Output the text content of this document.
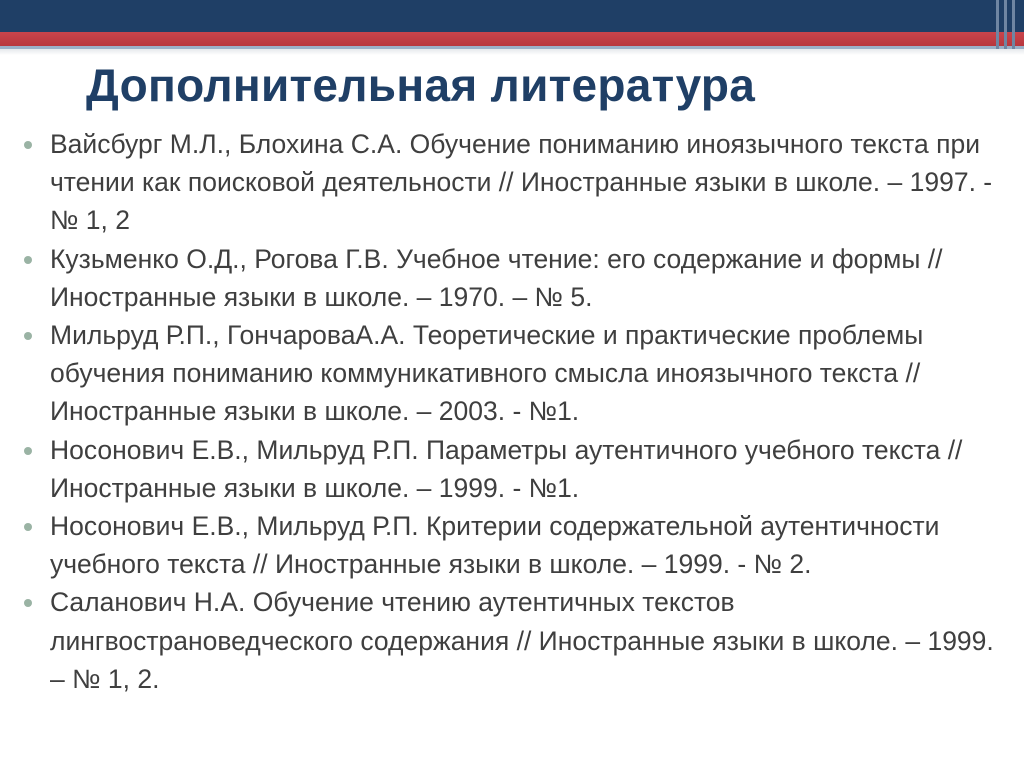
Дополнительная литература
Вайсбург М.Л., Блохина С.А. Обучение пониманию иноязычного текста при чтении как поисковой деятельности // Иностранные языки в школе. – 1997. - № 1, 2
Кузьменко О.Д., Рогова Г.В. Учебное чтение: его содержание и формы // Иностранные языки в школе. – 1970. – № 5.
Мильруд Р.П., ГончароваА.А. Теоретические и практические проблемы обучения пониманию коммуникативного смысла иноязычного текста // Иностранные языки в школе. – 2003. - №1.
Носонович Е.В., Мильруд Р.П. Параметры аутентичного учебного текста // Иностранные языки в школе. – 1999. - №1.
Носонович Е.В., Мильруд Р.П. Критерии содержательной аутентичности учебного текста // Иностранные языки в школе. – 1999. - № 2.
Саланович Н.А. Обучение чтению аутентичных текстов лингвострановедческого содержания // Иностранные языки в школе. – 1999. – № 1, 2.
